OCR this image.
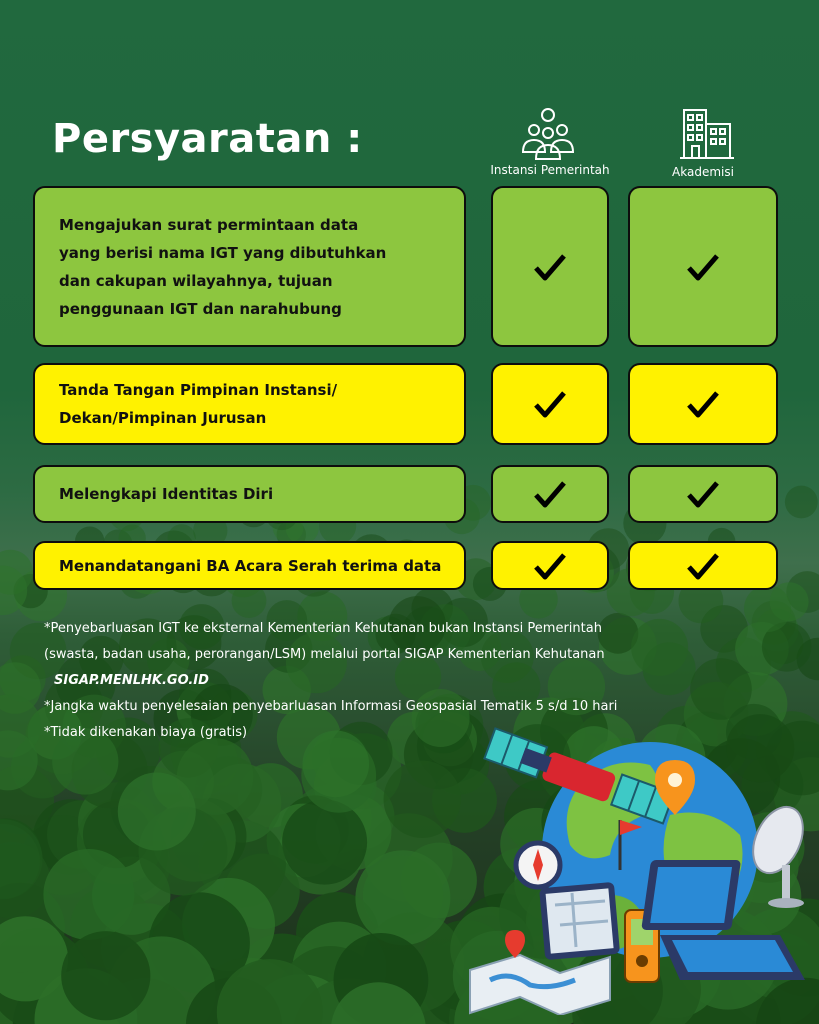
Persyaratan :
Instansi Pemerintah	Akademisi
Mengajukan surat permintaan data
yang berisi nama IGT yang dibutuhkan
dan cakupan wilayahnya, tujuan
penggunaan IGT dan narahubung
Tanda Tangan Pimpinan Instansi/
Dekan/Pimpinan Jurusan
Melengkapi Identitas Diri
Menandatangani BA Acara Serah terima data
*Penyebarluasan IGT ke eksternal Kementerian Kehutanan bukan Instansi Pemerintah
(swasta, badan usaha, perorangan/LSM) melalui portal SIGAP Kementerian Kehutanan
SIGAP.MENLHK.GO.ID
*Jangka waktu penyelesaian penyebarluasan Informasi Geospasial Tematik 5 s/d 10 hari
*Tidak dikenakan biaya (gratis)
